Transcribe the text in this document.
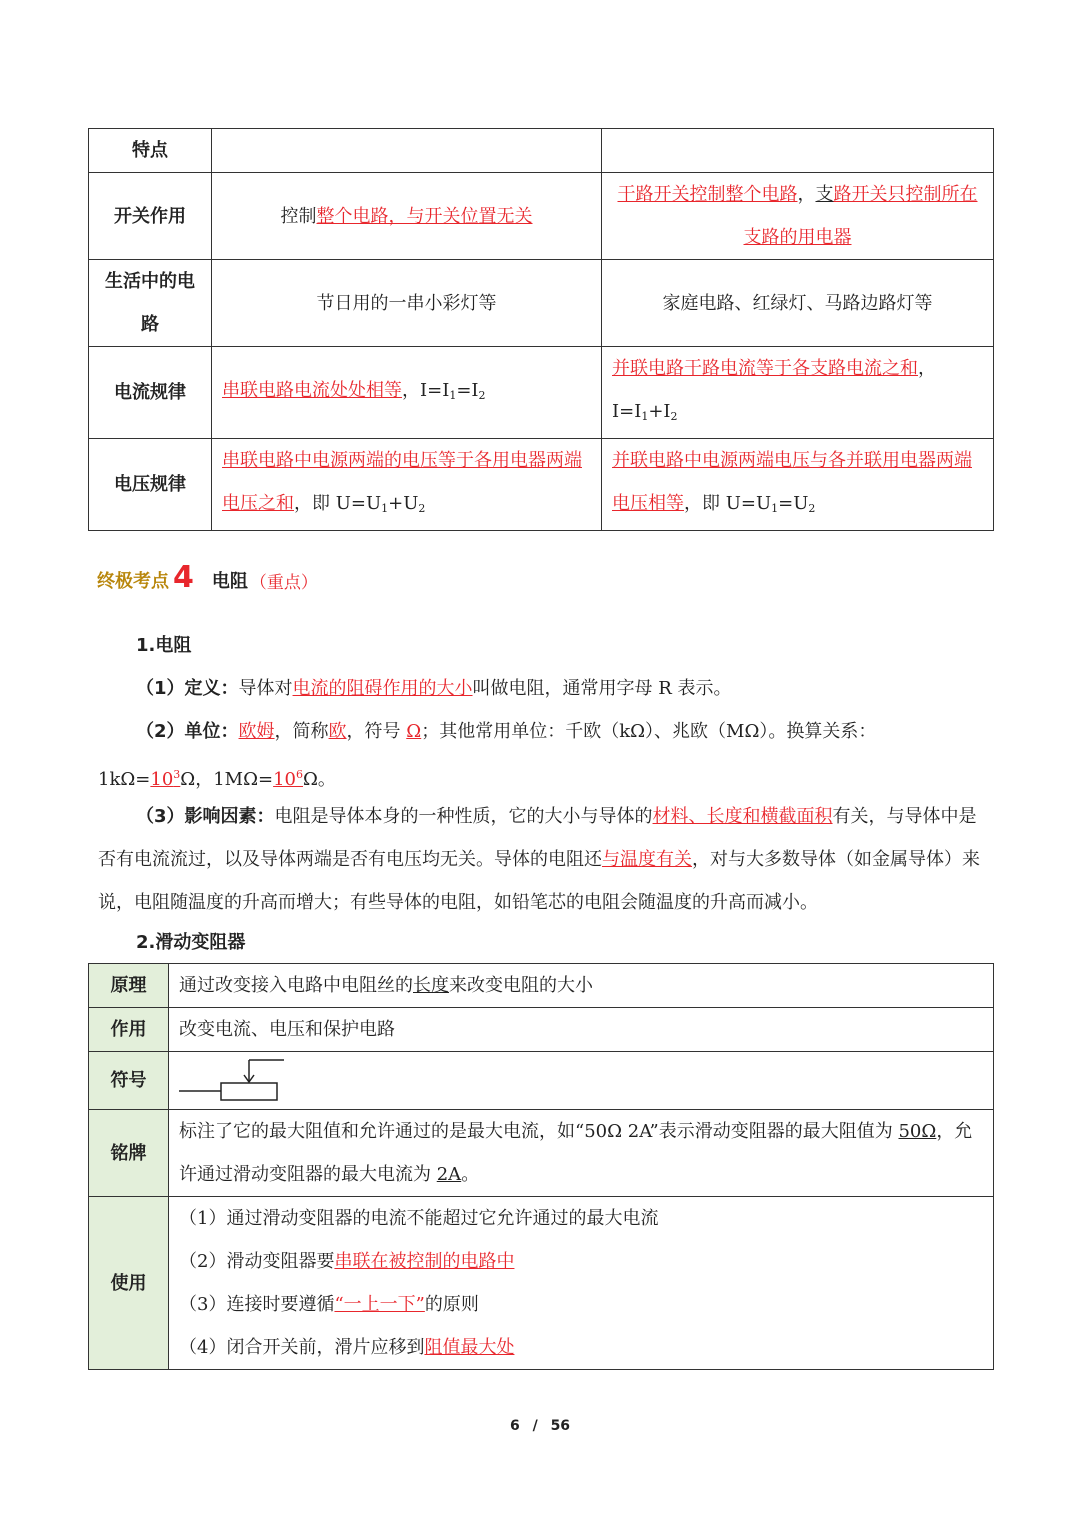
特点		
开关作用	控制整个电路，与开关位置无关	干路开关控制整个电路，支路开关只控制所在支路的用电器
生活中的电路	节日用的一串小彩灯等	家庭电路、红绿灯、马路边路灯等
电流规律	串联电路电流处处相等，$I=I_1=I_2$	并联电路干路电流等于各支路电流之和，
$I=I_1+I_2$
电压规律	串联电路中电源两端的电压等于各用电器两端电压之和，即 $U=U_1+U_2$	并联电路中电源两端电压与各并联用电器两端电压相等，即 $U=U_1=U_2$
终极考点 4 电阻 （重点）
1.电阻
（1）定义：导体对电流的阻碍作用的大小叫做电阻，通常用字母 R 表示。
（2）单位：欧姆，简称欧，符号 Ω；其他常用单位：千欧（kΩ）、兆欧（MΩ）。换算关系：$1k\Omega=10^3\Omega$，$1M\Omega=10^6\Omega$。
（3）影响因素：电阻是导体本身的一种性质，它的大小与导体的材料、长度和横截面积有关，与导体中是否有电流流过，以及导体两端是否有电压均无关。导体的电阻还与温度有关，对与大多数导体（如金属导体）来说，电阻随温度的升高而增大；有些导体的电阻，如铅笔芯的电阻会随温度的升高而减小。
2.滑动变阻器
原理	通过改变接入电路中电阻丝的长度来改变电阻的大小
作用	改变电流、电压和保护电路
符号	
铭牌	标注了它的最大阻值和允许通过的是最大电流，如“50Ω 2A”表示滑动变阻器的最大阻值为 50Ω，允许通过滑动变阻器的最大电流为 2A。
使用	（1）通过滑动变阻器的电流不能超过它允许通过的最大电流
（2）滑动变阻器要串联在被控制的电路中
（3）连接时要遵循“一上一下”的原则
（4）闭合开关前，滑片应移到阻值最大处
6 / 56
